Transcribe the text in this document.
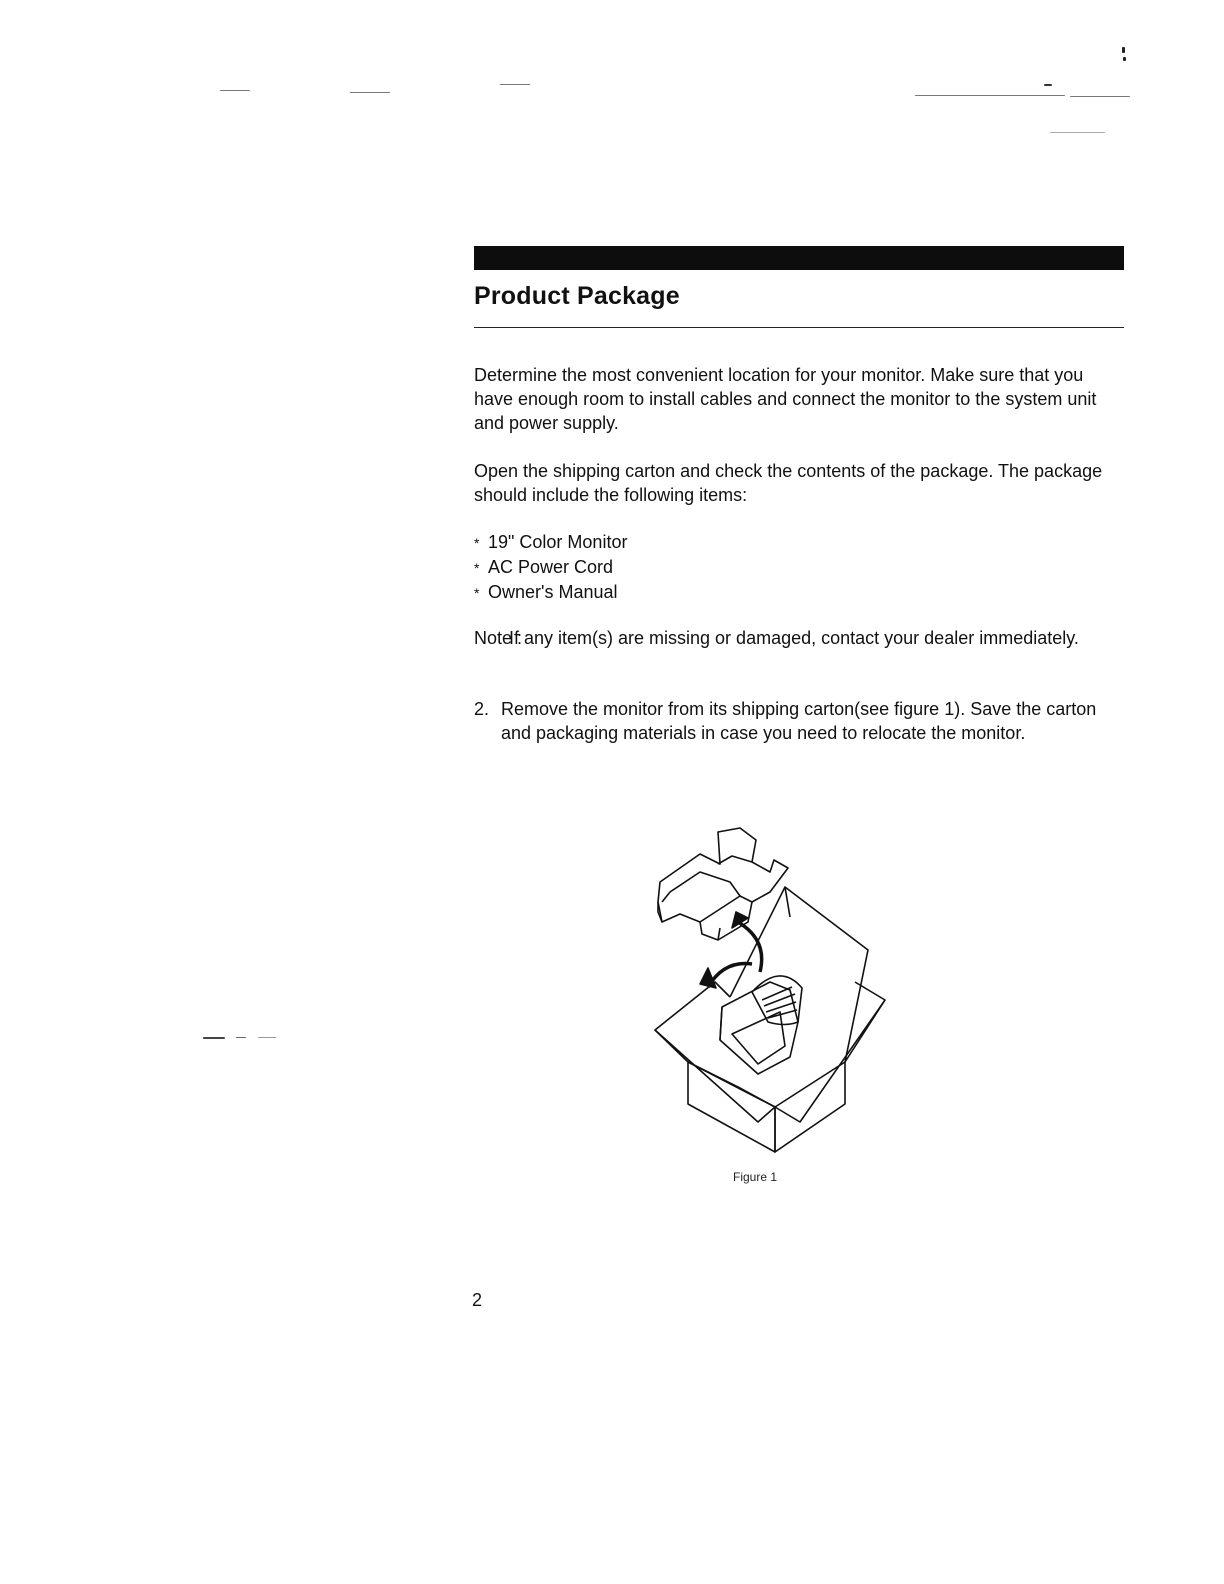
Product Package

Determine the most convenient location for your monitor. Make sure that you have enough room to install cables and connect the monitor to the system unit and power supply.

Open the shipping carton and check the contents of the package. The package should include the following items:

* 19" Color Monitor
* AC Power Cord
* Owner's Manual
Note :
If any item(s) are missing or damaged, contact your dealer immediately.
2. Remove the monitor from its shipping carton(see figure 1). Save the carton and packaging materials in case you need to relocate the monitor.
Figure 1
2
